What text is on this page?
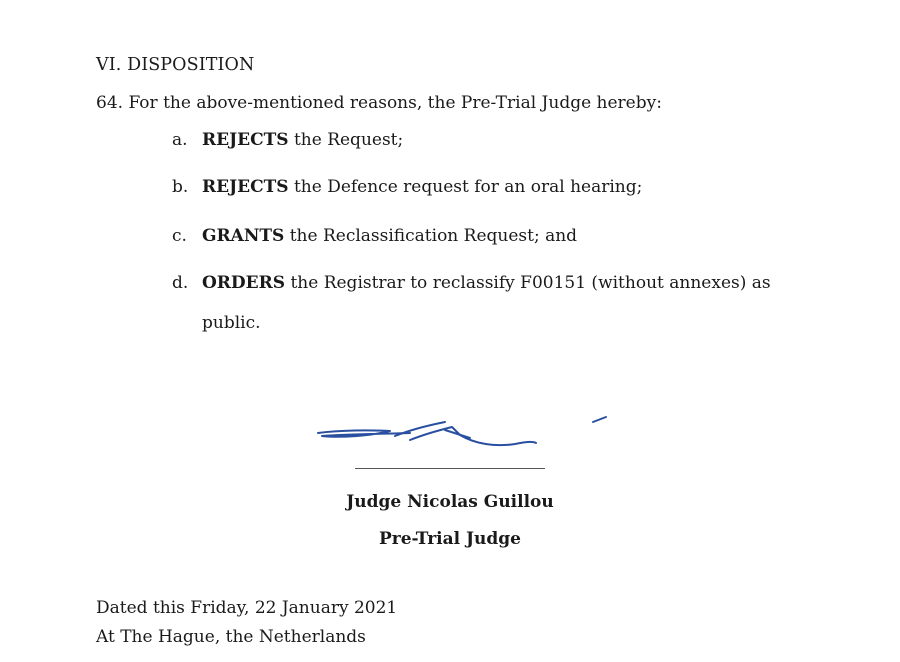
VI. DISPOSITION
64. For the above-mentioned reasons, the Pre-Trial Judge hereby:
a. REJECTS the Request;
b. REJECTS the Defence request for an oral hearing;
c. GRANTS the Reclassification Request; and
d. ORDERS the Registrar to reclassify F00151 (without annexes) as
public.
Judge Nicolas Guillou
Pre-Trial Judge
Dated this Friday, 22 January 2021
At The Hague, the Netherlands
